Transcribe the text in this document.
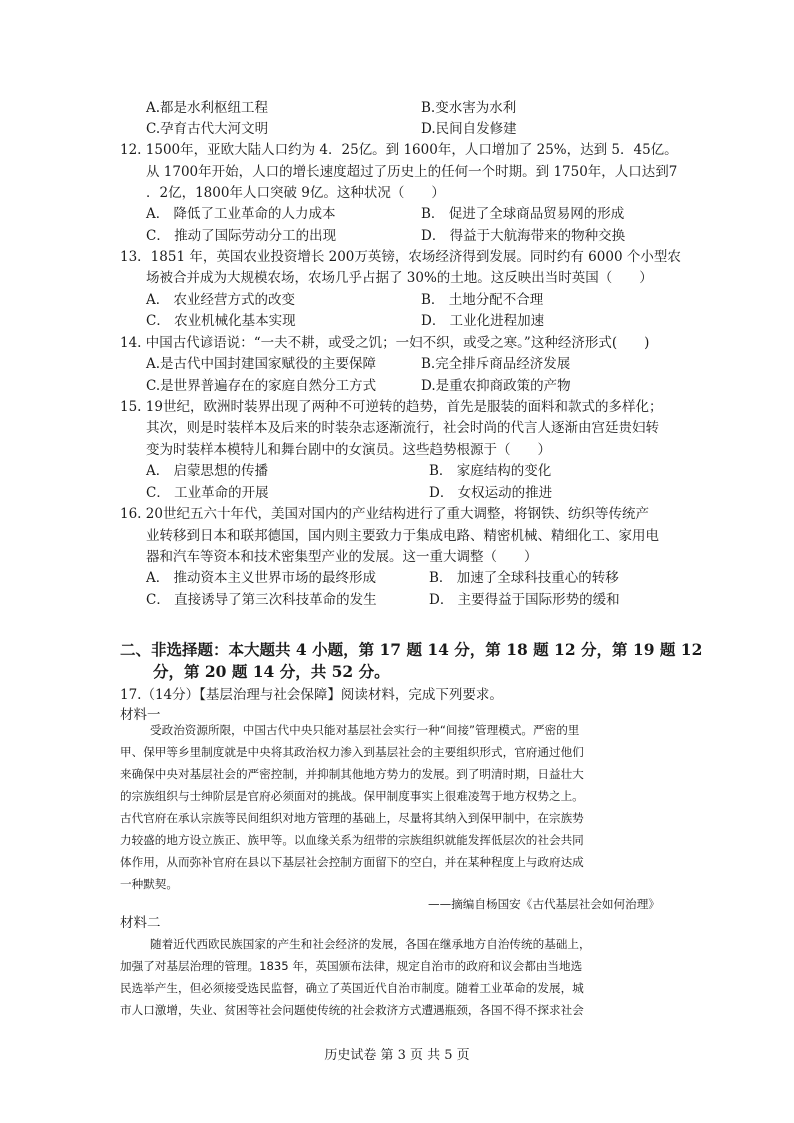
A.都是水利枢纽工程	B.变水害为水利
C.孕育古代大河文明	D.民间自发修建
12. 1500年，亚欧大陆人口约为 4．25亿。到 1600年，人口增加了 25%，达到 5．45亿。
从 1700年开始，人口的增长速度超过了历史上的任何一个时期。到 1750年，人口达到7
．2亿，1800年人口突破 9亿。这种状况（　　）
A． 降低了工业革命的人力成本	B． 促进了全球商品贸易网的形成
C． 推动了国际劳动分工的出现	D． 得益于大航海带来的物种交换
13．1851 年，英国农业投资增长 200万英镑，农场经济得到发展。同时约有 6000 个小型农
场被合并成为大规模农场，农场几乎占据了 30%的土地。这反映出当时英国（　　）
A． 农业经营方式的改变	B． 土地分配不合理
C． 农业机械化基本实现	D． 工业化进程加速
14. 中国古代谚语说：“一夫不耕，或受之饥；一妇不织，或受之寒。”这种经济形式(　　)
A.是古代中国封建国家赋役的主要保障	B.完全排斥商品经济发展
C.是世界普遍存在的家庭自然分工方式	D.是重农抑商政策的产物
15. 19世纪，欧洲时装界出现了两种不可逆转的趋势，首先是服装的面料和款式的多样化；
其次，则是时装样本及后来的时装杂志逐渐流行，社会时尚的代言人逐渐由宫廷贵妇转
变为时装样本模特儿和舞台剧中的女演员。这些趋势根源于（　　）
A． 启蒙思想的传播	B． 家庭结构的变化
C． 工业革命的开展	D． 女权运动的推进
16. 20世纪五六十年代，美国对国内的产业结构进行了重大调整，将钢铁、纺织等传统产
业转移到日本和联邦德国，国内则主要致力于集成电路、精密机械、精细化工、家用电
器和汽车等资本和技术密集型产业的发展。这一重大调整（　　）
A． 推动资本主义世界市场的最终形成	B． 加速了全球科技重心的转移
C． 直接诱导了第三次科技革命的发生	D． 主要得益于国际形势的缓和
二、非选择题：本大题共 4 小题，第 17 题 14 分，第 18 题 12 分，第 19 题 12
分，第 20 题 14 分，共 52 分。
17.（14分）【基层治理与社会保障】阅读材料，完成下列要求。
材料一
受政治资源所限，中国古代中央只能对基层社会实行一种“间接”管理模式。严密的里
甲、保甲等乡里制度就是中央将其政治权力渗入到基层社会的主要组织形式，官府通过他们
来确保中央对基层社会的严密控制，并抑制其他地方势力的发展。到了明清时期，日益壮大
的宗族组织与士绅阶层是官府必须面对的挑战。保甲制度事实上很难凌驾于地方权势之上。
古代官府在承认宗族等民间组织对地方管理的基础上，尽量将其纳入到保甲制中，在宗族势
力较盛的地方设立族正、族甲等。以血缘关系为纽带的宗族组织就能发挥低层次的社会共同
体作用，从而弥补官府在县以下基层社会控制方面留下的空白，并在某种程度上与政府达成
一种默契。
——摘编自杨国安《古代基层社会如何治理》
材料二
随着近代西欧民族国家的产生和社会经济的发展，各国在继承地方自治传统的基础上，
加强了对基层治理的管理。1835 年，英国颁布法律，规定自治市的政府和议会都由当地选
民选举产生，但必须接受选民监督，确立了英国近代自治市制度。随着工业革命的发展，城
市人口激增，失业、贫困等社会问题使传统的社会救济方式遭遇瓶颈，各国不得不探求社会
历史试卷 第 3 页 共 5 页
